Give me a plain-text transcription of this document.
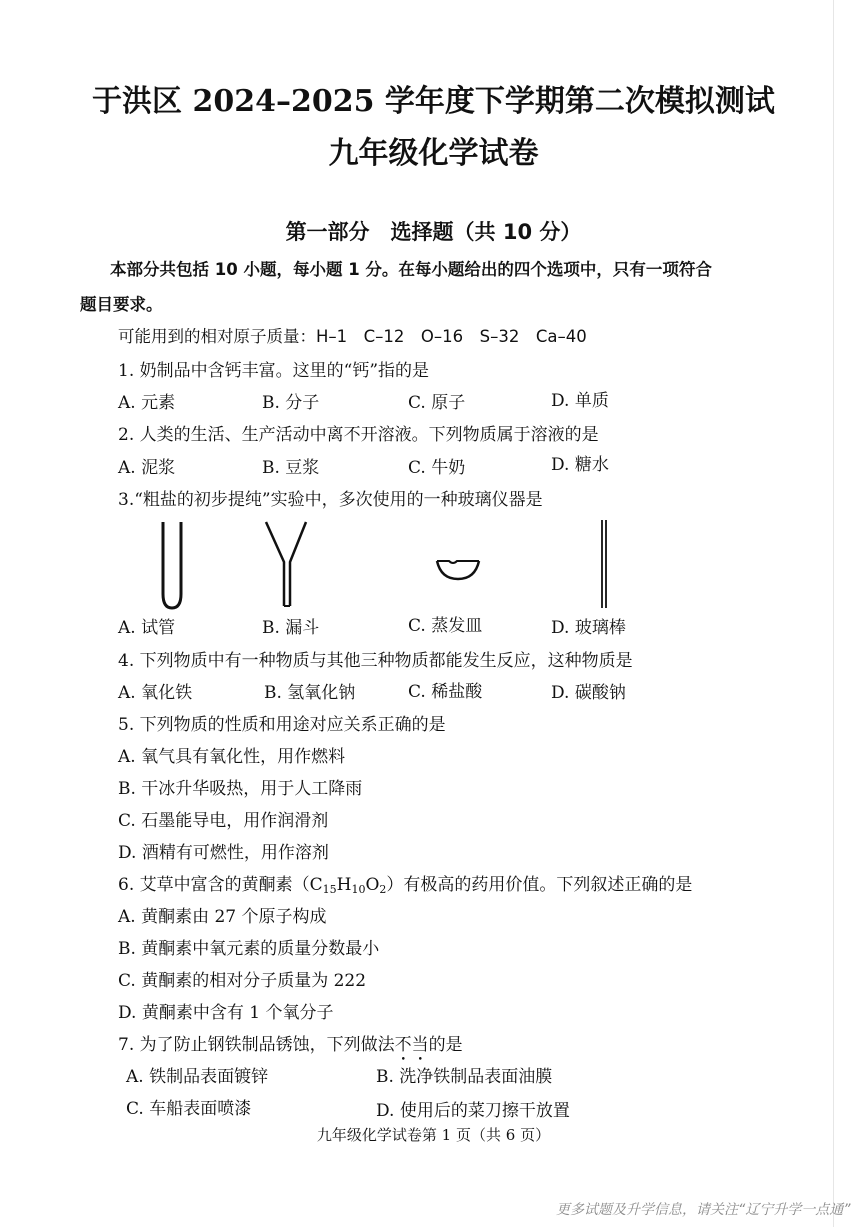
于洪区 2024–2025 学年度下学期第二次模拟测试
九年级化学试卷
第一部分　选择题（共 10 分）
本部分共包括 10 小题，每小题 1 分。在每小题给出的四个选项中，只有一项符合
题目要求。
可能用到的相对原子质量：H–1　C–12　O–16　S–32　Ca–40
1. 奶制品中含钙丰富。这里的“钙”指的是
A. 元素	B. 分子	C. 原子	D. 单质
2. 人类的生活、生产活动中离不开溶液。下列物质属于溶液的是
A. 泥浆	B. 豆浆	C. 牛奶	D. 糖水
3.“粗盐的初步提纯”实验中，多次使用的一种玻璃仪器是
A. 试管	B. 漏斗	C. 蒸发皿	D. 玻璃棒
4. 下列物质中有一种物质与其他三种物质都能发生反应，这种物质是
A. 氧化铁	B. 氢氧化钠	C. 稀盐酸	D. 碳酸钠
5. 下列物质的性质和用途对应关系正确的是
A. 氧气具有氧化性，用作燃料
B. 干冰升华吸热，用于人工降雨
C. 石墨能导电，用作润滑剂
D. 酒精有可燃性，用作溶剂
6. 艾草中富含的黄酮素$(C_{15}H_{10}O_2)$有极高的药用价值。下列叙述正确的是
A. 黄酮素由 27 个原子构成
B. 黄酮素中氧元素的质量分数最小
C. 黄酮素的相对分子质量为 222
D. 黄酮素中含有 1 个氧分子
7. 为了防止钢铁制品锈蚀，下列做法不当的是
A. 铁制品表面镀锌	B. 洗净铁制品表面油膜
C. 车船表面喷漆	D. 使用后的菜刀擦干放置
九年级化学试卷第 1 页（共 6 页）
更多试题及升学信息，请关注“辽宁升学一点通”
